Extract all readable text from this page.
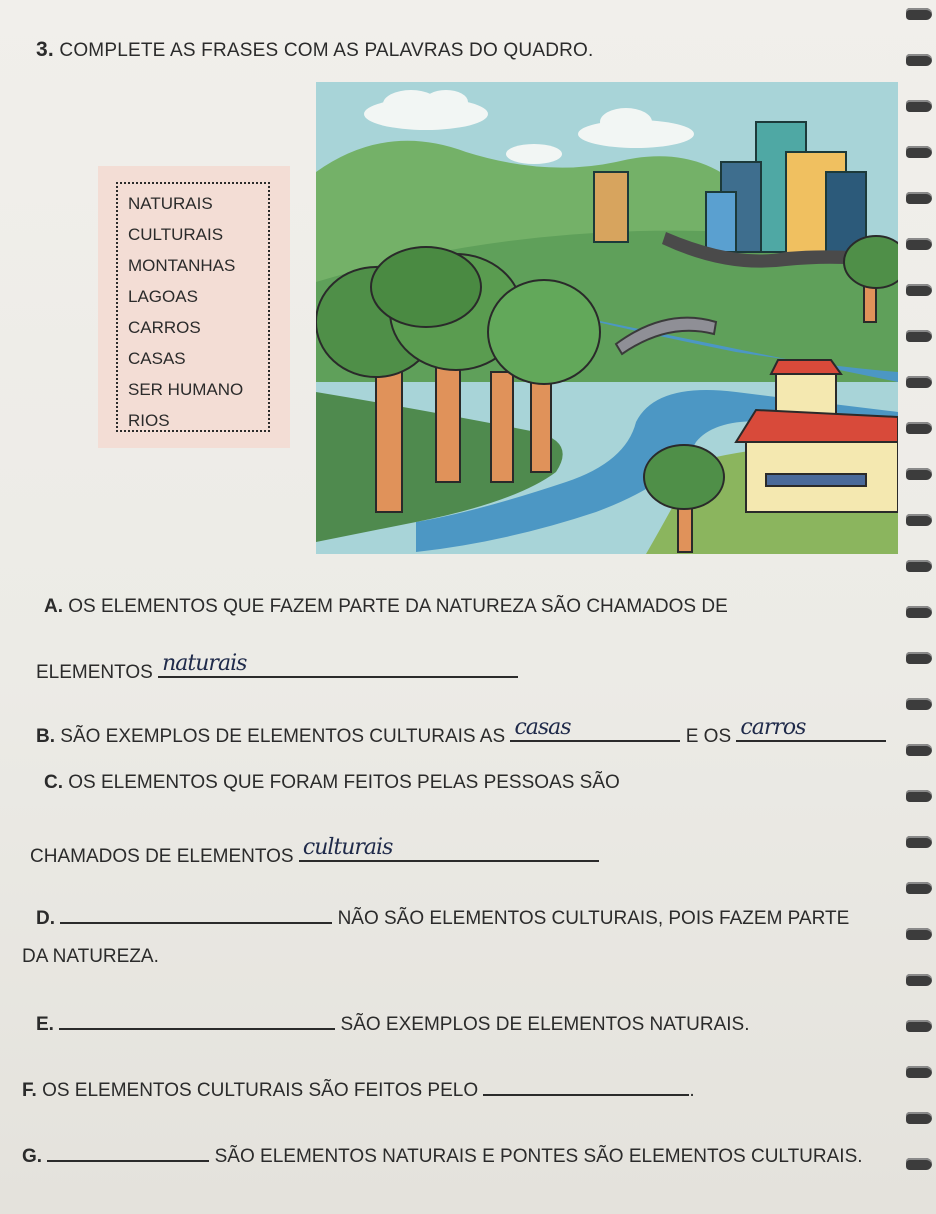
3. COMPLETE AS FRASES COM AS PALAVRAS DO QUADRO.
NATURAIS
CULTURAIS
MONTANHAS
LAGOAS
CARROS
CASAS
SER HUMANO
RIOS
A. OS ELEMENTOS QUE FAZEM PARTE DA NATUREZA SÃO CHAMADOS DE
ELEMENTOS naturais
B. SÃO EXEMPLOS DE ELEMENTOS CULTURAIS AS casas	E OS carros
C. OS ELEMENTOS QUE FORAM FEITOS PELAS PESSOAS SÃO
CHAMADOS DE ELEMENTOS culturais
D.	NÃO SÃO ELEMENTOS CULTURAIS, POIS FAZEM PARTE
DA NATUREZA.
E.	SÃO EXEMPLOS DE ELEMENTOS NATURAIS.
F. OS ELEMENTOS CULTURAIS SÃO FEITOS PELO	.
G.	SÃO ELEMENTOS NATURAIS E PONTES SÃO ELEMENTOS CULTURAIS.
